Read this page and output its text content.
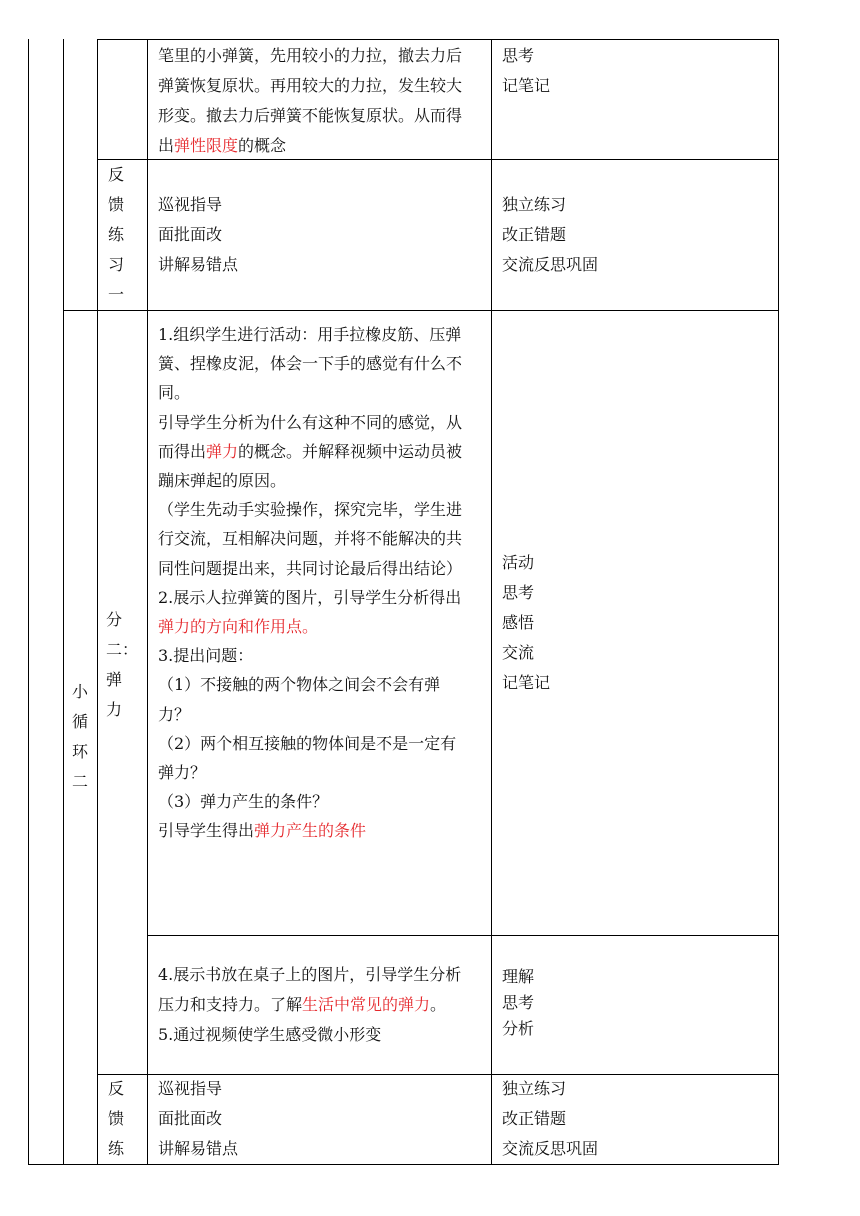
笔里的小弹簧，先用较小的力拉，撤去力后
弹簧恢复原状。再用较大的力拉，发生较大
形变。撤去力后弹簧不能恢复原状。从而得
出弹性限度的概念
思考
记笔记
反
馈
练
习
一
巡视指导
面批面改
讲解易错点
独立练习
改正错题
交流反思巩固
小
循
环
二
分
二：
弹
力
1.组织学生进行活动：用手拉橡皮筋、压弹
簧、捏橡皮泥，体会一下手的感觉有什么不
同。
引导学生分析为什么有这种不同的感觉，从
而得出弹力的概念。并解释视频中运动员被
蹦床弹起的原因。
（学生先动手实验操作，探究完毕，学生进
行交流，互相解决问题，并将不能解决的共
同性问题提出来，共同讨论最后得出结论）
2.展示人拉弹簧的图片，引导学生分析得出
弹力的方向和作用点。
3.提出问题：
（1）不接触的两个物体之间会不会有弹
力？
（2）两个相互接触的物体间是不是一定有
弹力？
（3）弹力产生的条件？
引导学生得出弹力产生的条件
活动
思考
感悟
交流
记笔记
4.展示书放在桌子上的图片，引导学生分析
压力和支持力。了解生活中常见的弹力。
5.通过视频使学生感受微小形变
理解
思考
分析
反
馈
练
巡视指导
面批面改
讲解易错点
独立练习
改正错题
交流反思巩固
